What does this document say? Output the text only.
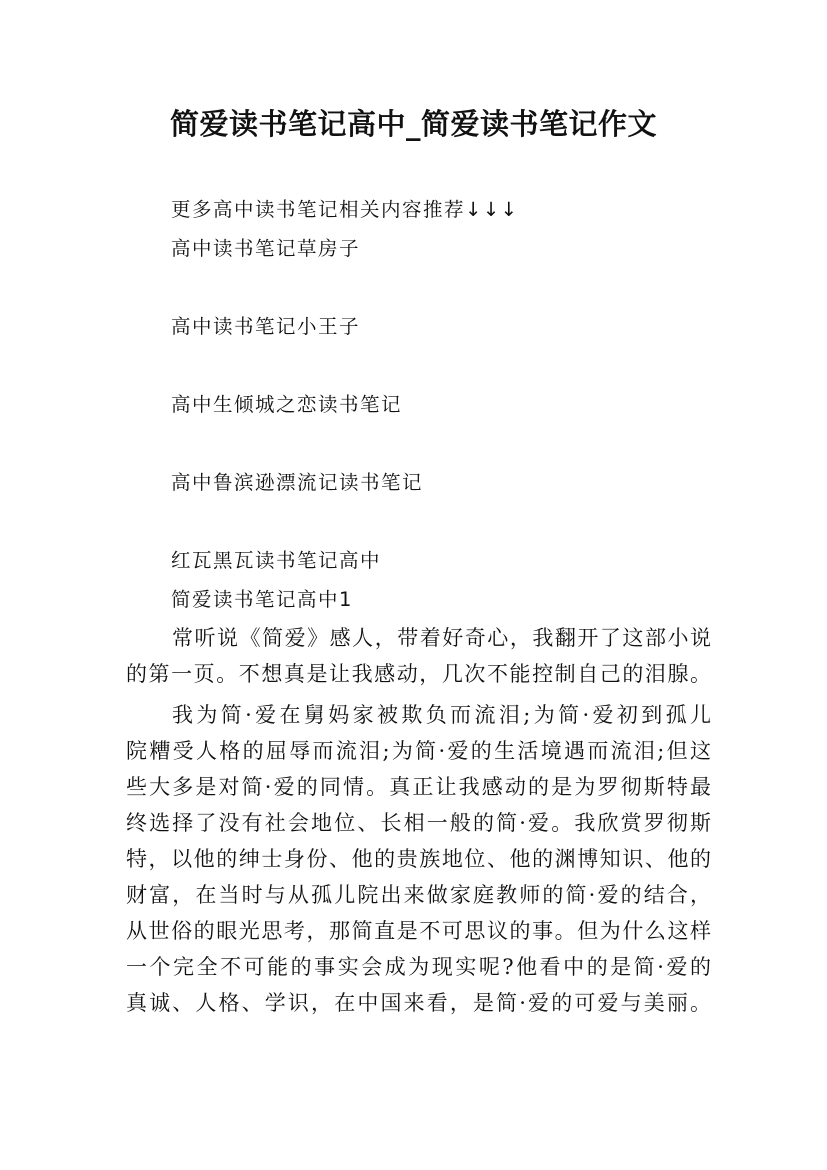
简爱读书笔记高中_简爱读书笔记作文

更多高中读书笔记相关内容推荐↓↓↓

高中读书笔记草房子

高中读书笔记小王子

高中生倾城之恋读书笔记

高中鲁滨逊漂流记读书笔记

红瓦黑瓦读书笔记高中

简爱读书笔记高中1

常听说《简爱》感人，带着好奇心，我翻开了这部小说
的第一页。不想真是让我感动，几次不能控制自己的泪腺。
我为简·爱在舅妈家被欺负而流泪;为简·爱初到孤儿
院糟受人格的屈辱而流泪;为简·爱的生活境遇而流泪;但这
些大多是对简·爱的同情。真正让我感动的是为罗彻斯特最
终选择了没有社会地位、长相一般的简·爱。我欣赏罗彻斯
特，以他的绅士身份、他的贵族地位、他的渊博知识、他的
财富，在当时与从孤儿院出来做家庭教师的简·爱的结合，
从世俗的眼光思考，那简直是不可思议的事。但为什么这样
一个完全不可能的事实会成为现实呢?他看中的是简·爱的
真诚、人格、学识，在中国来看，是简·爱的可爱与美丽。
